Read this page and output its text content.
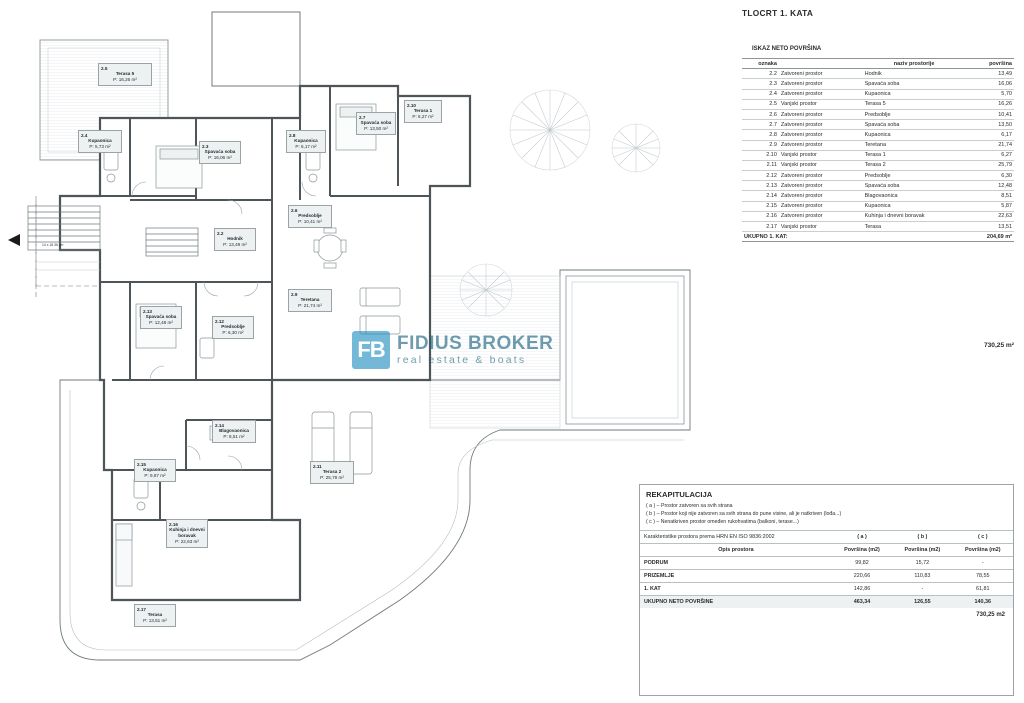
14 x 18.36 cm
2.5
Terasa 5
P: 16,26 m²
2.4
Kupaonica
P: 5,73 m²	2.3
Spavaća soba
P: 16,06 m²
2.8
Kupaonica
P: 6,17 m²
2.7
Spavaća soba
P: 13,50 m²
2.10
Terasa 1
P: 6,27 m²
2.6
Predsoblje
P: 10,41 m²
2.2
Hodnik
P: 13,49 m²
2.13
Spavaća soba
P: 12,48 m²	2.12
Predsoblje
P: 6,30 m²
2.9
Teretana
P: 21,74 m²
2.14
Blagovaonica
P: 8,51 m²
2.15
Kupaonica
P: 9,87 m²
2.16
Kuhinja i dnevni boravak
P: 22,63 m²
2.11
Terasa 2
P: 25,79 m²
2.17
Terasa
P: 13,51 m²
FB FIDIUS BROKER
real estate & boats
TLOCRT 1. KATA
ISKAZ NETO POVRŠINA
oznaka		naziv prostorije	površina
2.2	Zatvoreni prostor	Hodnik	13,49
2.3	Zatvoreni prostor	Spavaća soba	16,06
2.4	Zatvoreni prostor	Kupaonica	5,70
2.5	Vanjski prostor	Terasa 5	16,26
2.6	Zatvoreni prostor	Predsoblje	10,41
2.7	Zatvoreni prostor	Spavaća soba	13,50
2.8	Zatvoreni prostor	Kupaonica	6,17
2.9	Zatvoreni prostor	Teretana	21,74
2.10	Vanjski prostor	Terasa 1	6,27
2.11	Vanjski prostor	Terasa 2	25,79
2.12	Zatvoreni prostor	Predsoblje	6,30
2.13	Zatvoreni prostor	Spavaća soba	12,48
2.14	Zatvoreni prostor	Blagovaonica	8,51
2.15	Zatvoreni prostor	Kupaonica	5,87
2.16	Zatvoreni prostor	Kuhinja i dnevni boravak	22,63
2.17	Vanjski prostor	Terasa	13,51
UKUPNO 1. KAT:			204,69 m²
730,25 m²
REKAPITULACIJA
( a ) – Prostor zatvoren sa svih strana
( b ) – Prostor koji nije zatvoren sa svih strana do pune visine, ali je natkriven (lođa...)
( c ) – Nenatkriven prostor omeđen rukohvatima (balkoni, terase...)
Karakteristike prostora prema HRN EN ISO 9836:2002	( a )	( b )	( c )
Opis prostora	Površina (m2)	Površina (m2)	Površina (m2)
PODRUM	99,82	15,72	-
PRIZEMLJE	220,66	110,83	78,55
1. KAT	142,86	-	61,81
UKUPNO NETO POVRŠINE	463,34	126,55	140,36
730,25 m2
